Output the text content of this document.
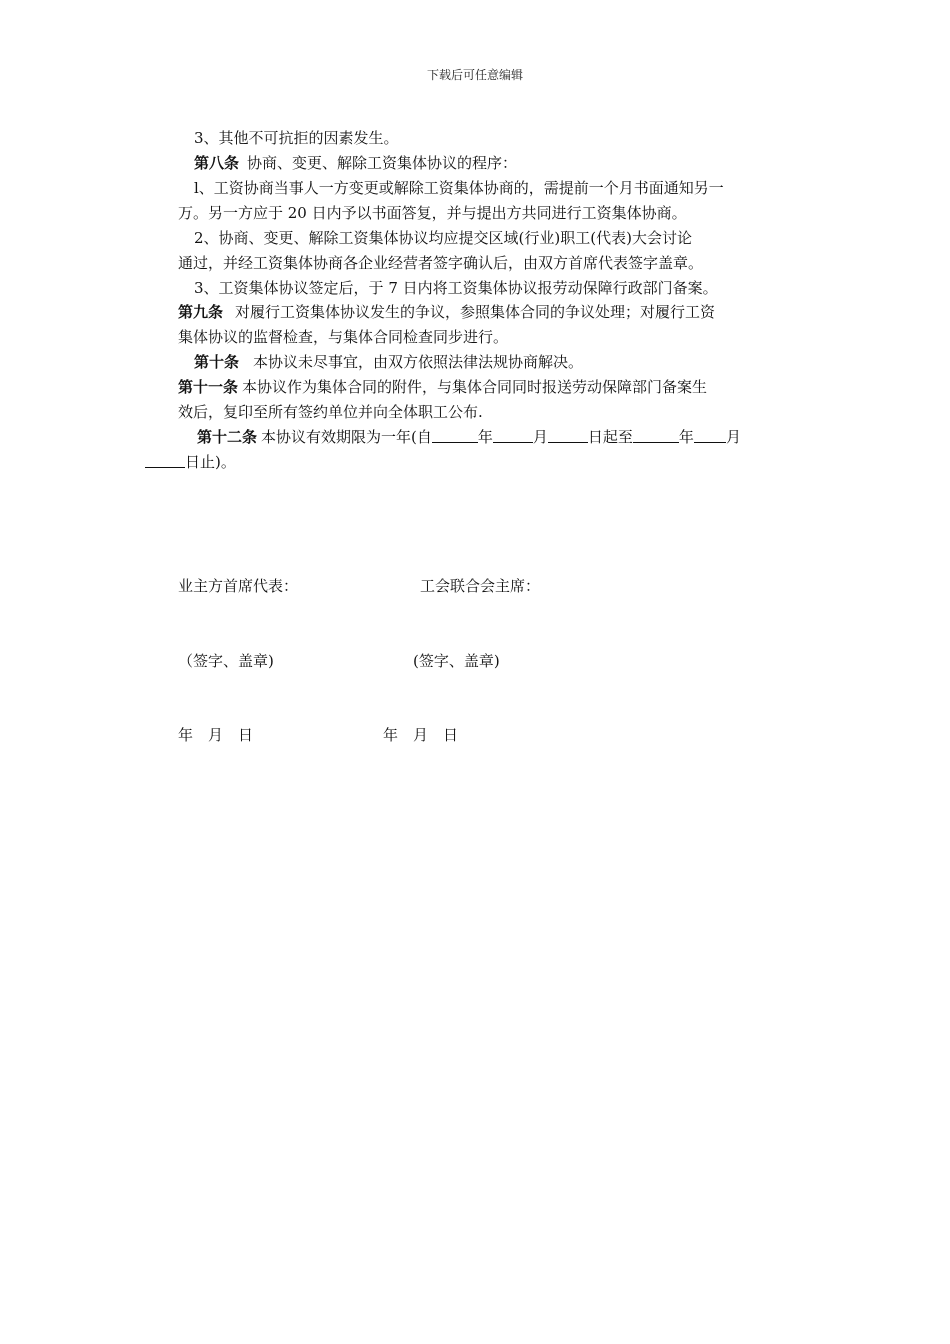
下载后可任意编辑
3、其他不可抗拒的因素发生。
第八条 协商、变更、解除工资集体协议的程序：
l、工资协商当事人一方变更或解除工资集体协商的，需提前一个月书面通知另一
万。另一方应于 20 日内予以书面答复，并与提出方共同进行工资集体协商。
2、协商、变更、解除工资集体协议均应提交区域(行业)职工(代表)大会讨论
通过，并经工资集体协商各企业经营者签字确认后，由双方首席代表签字盖章。
3、工资集体协议签定后，于 7 日内将工资集体协议报劳动保障行政部门备案。
第九条 对履行工资集体协议发生的争议，参照集体合同的争议处理；对履行工资
集体协议的监督检查，与集体合同检查同步进行。
第十条 本协议未尽事宜，由双方依照法律法规协商解决。
第十一条 本协议作为集体合同的附件，与集体合同同时报送劳动保障部门备案生
效后，复印至所有签约单位并向全体职工公布.
第十二条 本协议有效期限为一年(自	年	月	日起至	年 月
日止)。
业主方首席代表：	工会联合会主席：
（签字、盖章)	(签字、盖章)
年　月　日	年　月　日
